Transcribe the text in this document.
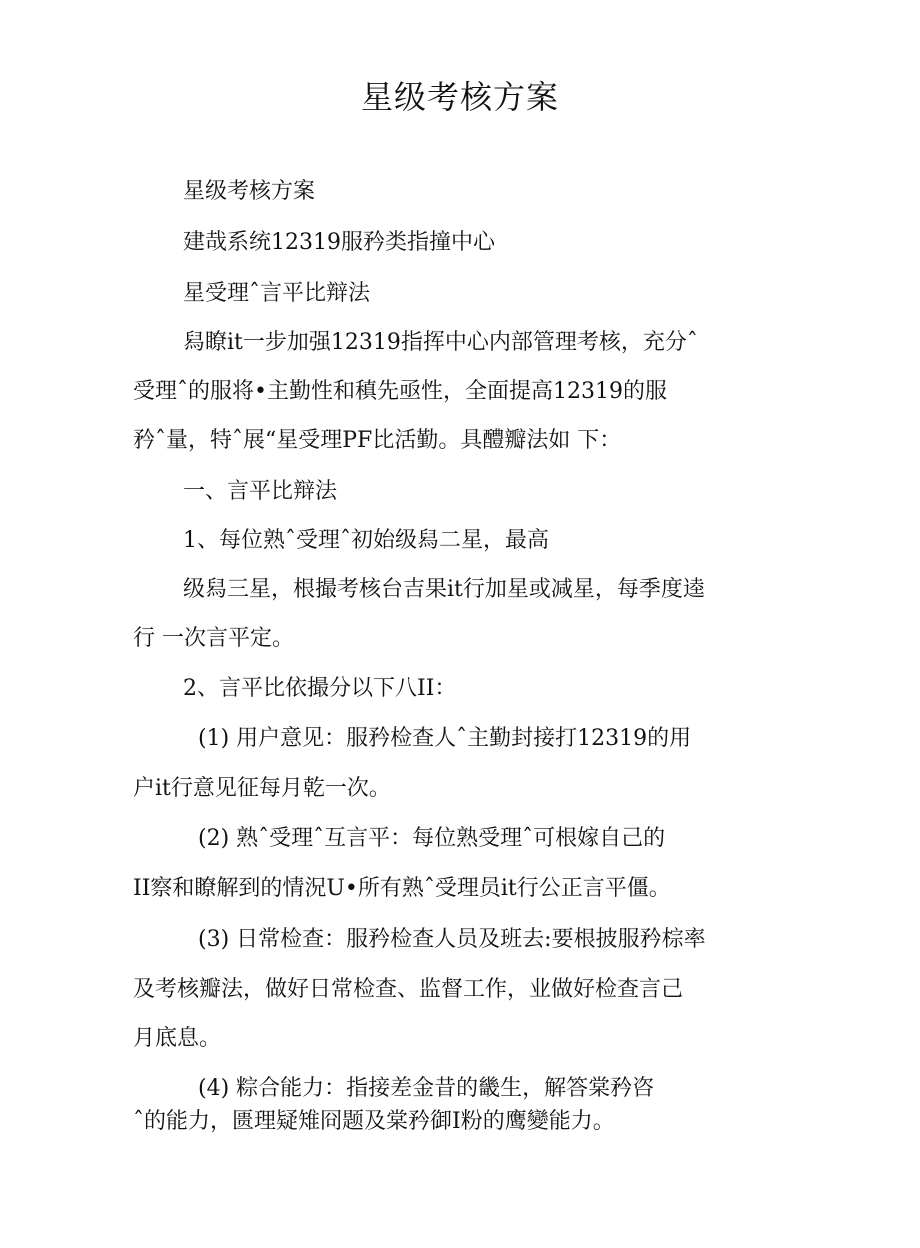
星级考核方案
星级考核方案
建哉系统12319服矜类指撞中心
星受理ˆ言平比辩法
舄瞭it一步加强12319指挥中心内部管理考核，充分ˆ
受理ˆ的服将•主勤性和稹先亟性，全面提高12319的服
矜ˆ量，特ˆ展“星受理PF比活勤。具醴瓣法如 下：
一、言平比辩法
1、每位熟ˆ受理ˆ初始级舄二星，最高
级舄三星，根撮考核台吉果it行加星或减星，每季度逵
行 一次言平定。
2、言平比依撮分以下八II：
(1) 用户意见：服矜检查人ˆ主勤封接打12319的用
户it行意见征每月乾一次。
(2) 熟ˆ受理ˆ互言平：每位熟受理ˆ可根嫁自己的
II察和瞭解到的情況U•所有熟ˆ受理员it行公正言平僵。
(3) 日常检查：服矜检查人员及班去:要根披服矜棕率
及考核瓣法，做好日常检查、监督工作，业做好检查言己
月底息。
(4) 粽合能力：指接差金昔的畿生，解答棠矜咨
ˆ的能力，匮理疑雉冏题及棠矜御I粉的鹰變能力。
